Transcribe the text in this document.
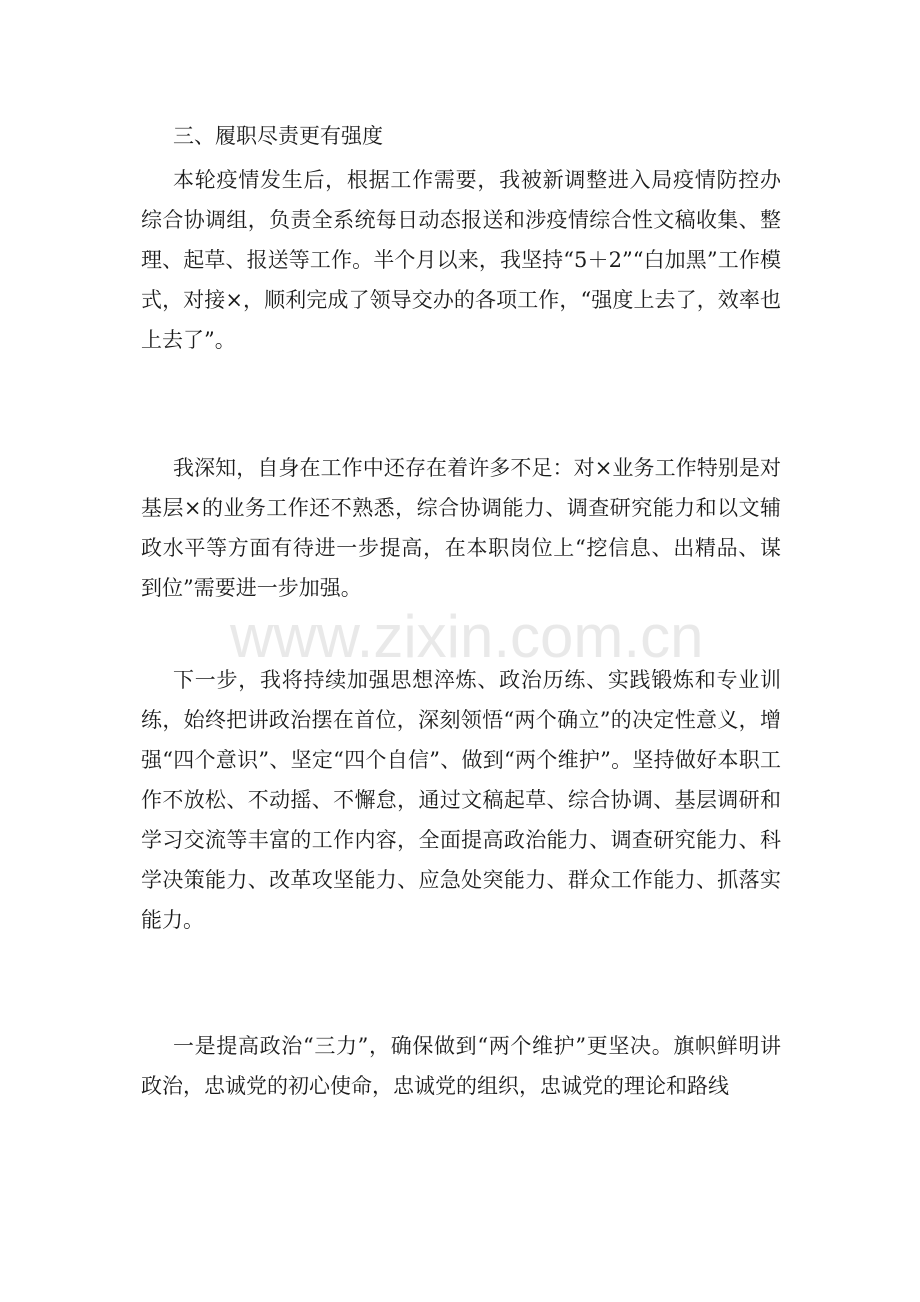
www.zixin.com.cn
三、履职尽责更有强度

本轮疫情发生后，根据工作需要，我被新调整进入局疫情防控办综合协调组，负责全系统每日动态报送和涉疫情综合性文稿收集、整理、起草、报送等工作。半个月以来，我坚持“5＋2”“白加黑”工作模式，对接×，顺利完成了领导交办的各项工作，“强度上去了，效率也上去了”。

我深知，自身在工作中还存在着许多不足：对×业务工作特别是对基层×的业务工作还不熟悉，综合协调能力、调查研究能力和以文辅政水平等方面有待进一步提高，在本职岗位上“挖信息、出精品、谋到位”需要进一步加强。

下一步，我将持续加强思想淬炼、政治历练、实践锻炼和专业训练，始终把讲政治摆在首位，深刻领悟“两个确立”的决定性意义，增强“四个意识”、坚定“四个自信”、做到“两个维护”。坚持做好本职工作不放松、不动摇、不懈怠，通过文稿起草、综合协调、基层调研和学习交流等丰富的工作内容，全面提高政治能力、调查研究能力、科学决策能力、改革攻坚能力、应急处突能力、群众工作能力、抓落实能力。

一是提高政治“三力”，确保做到“两个维护”更坚决。旗帜鲜明讲政治，忠诚党的初心使命，忠诚党的组织，忠诚党的理论和路线
